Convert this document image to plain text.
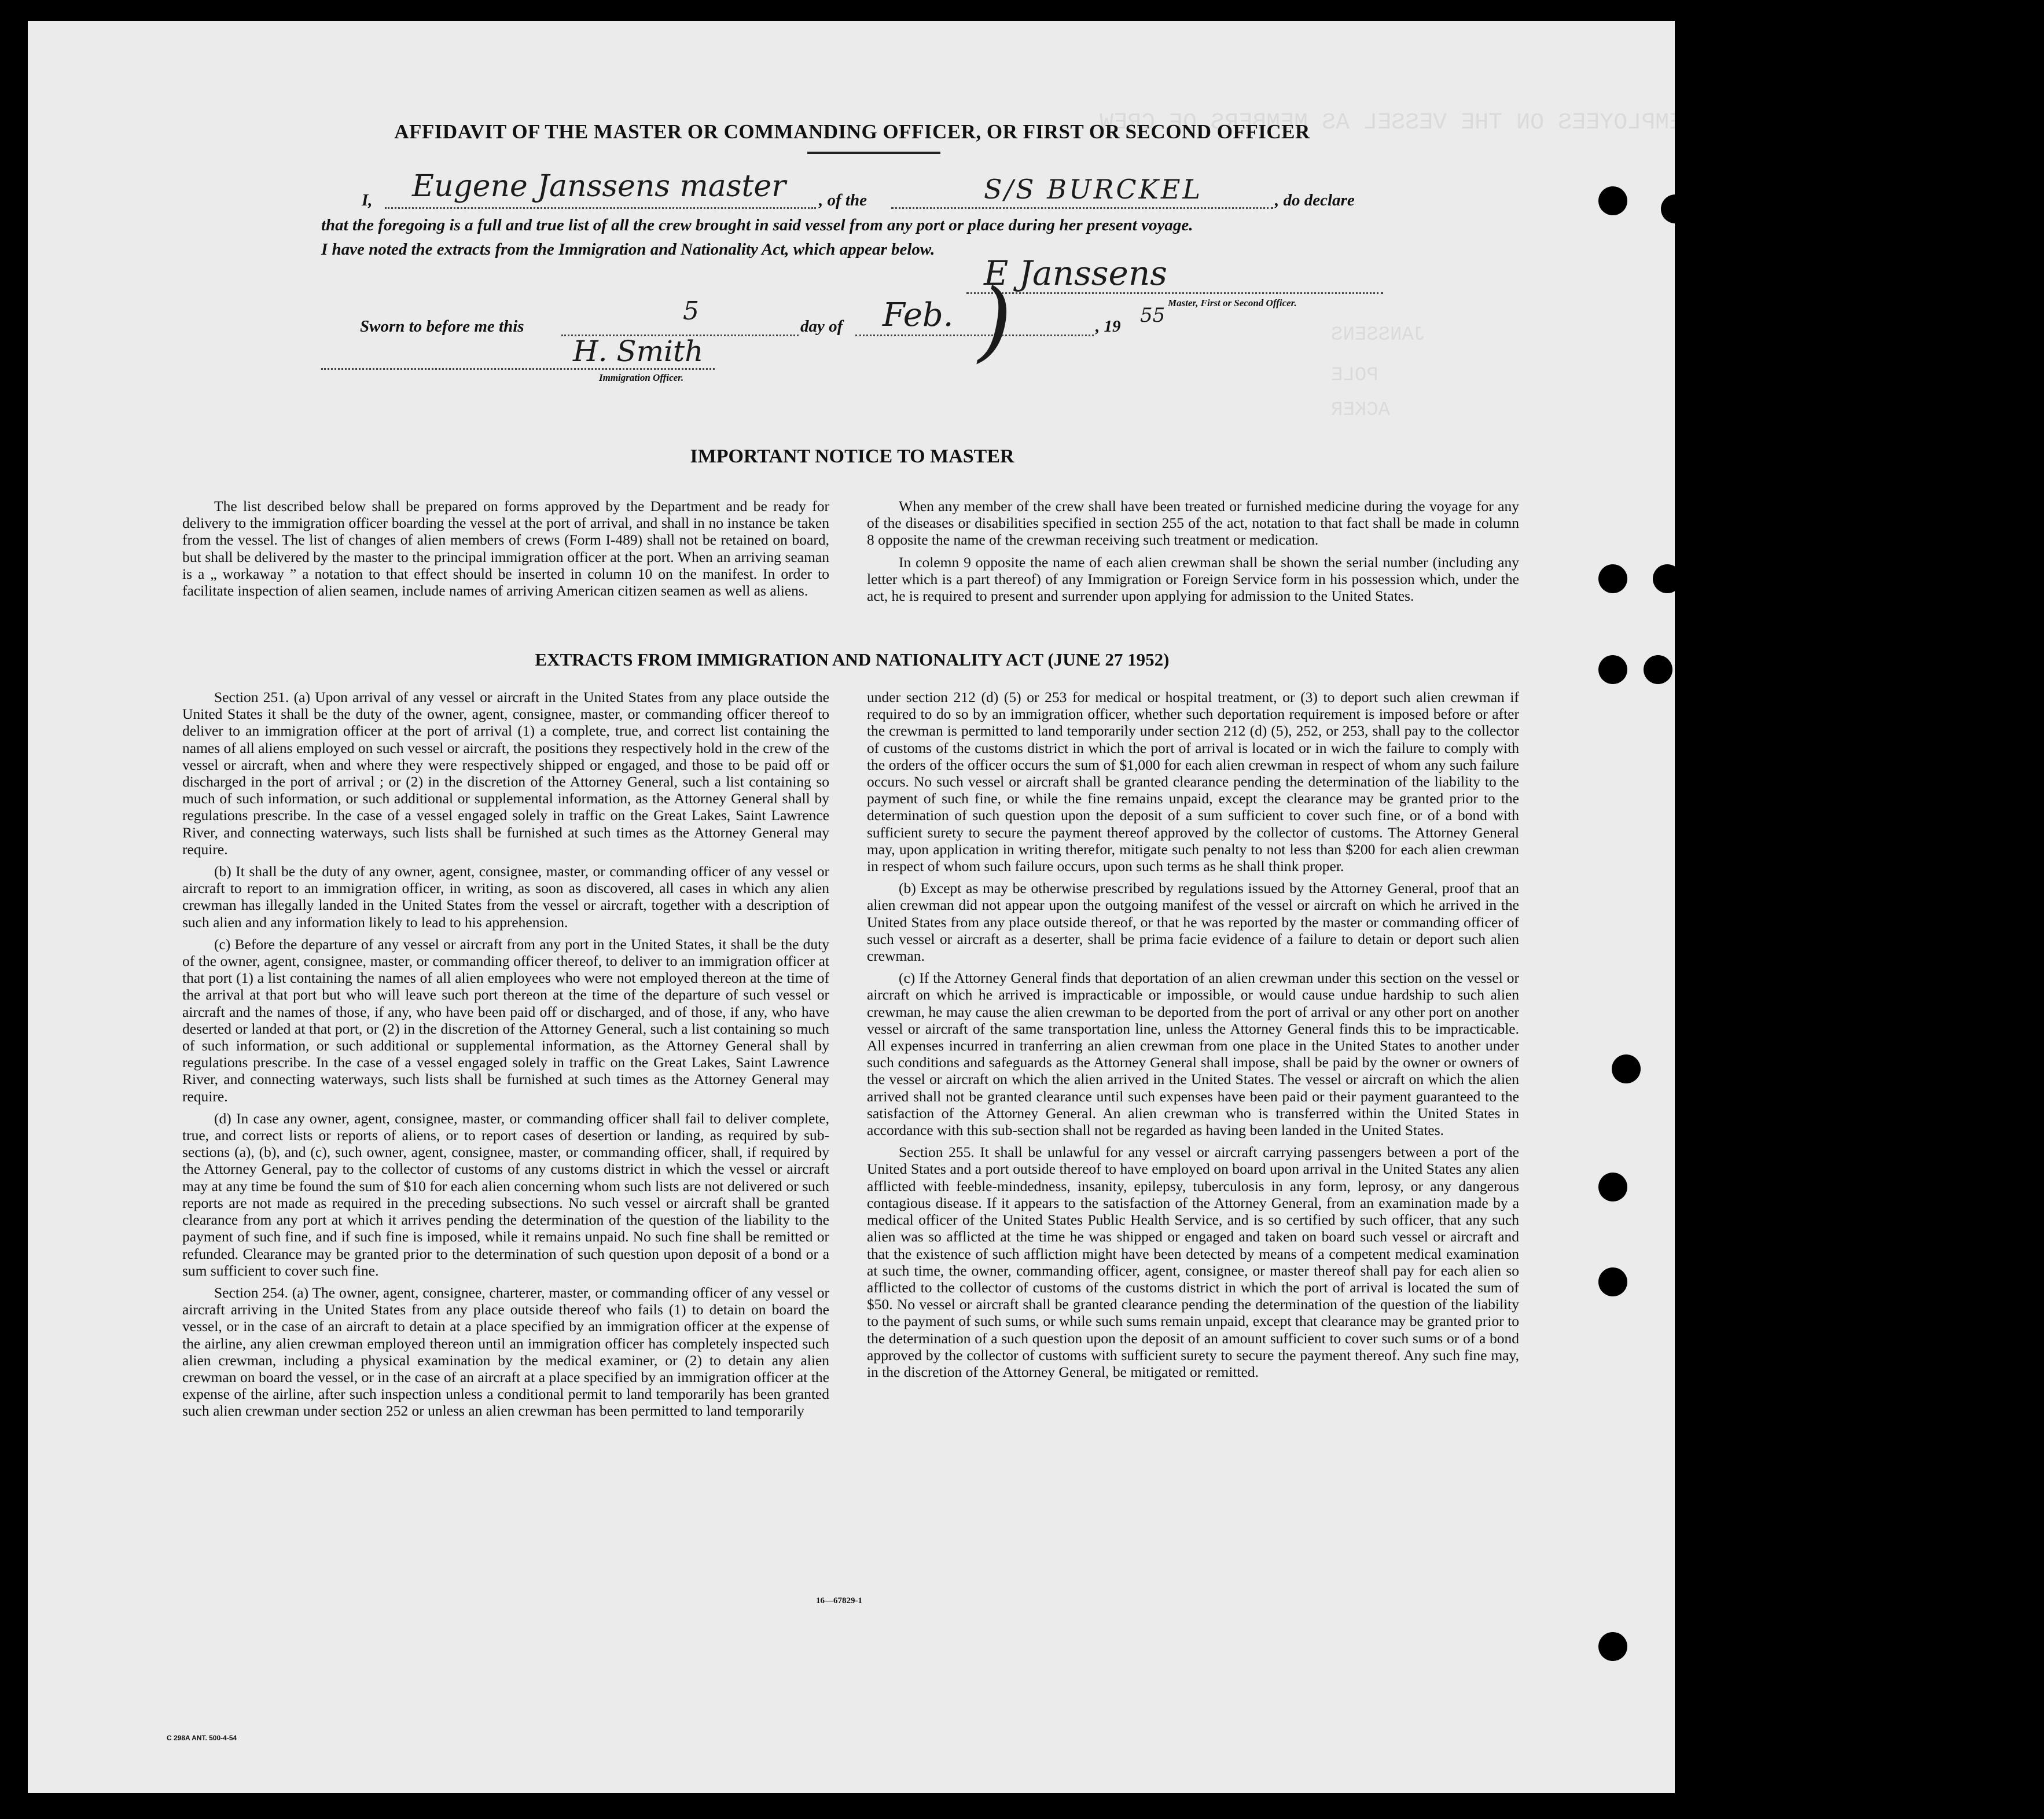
LIST OR MANIFEST OF ALIEN EMPLOYEES ON THE VESSEL AS MEMBERS OF CREW
JANSSENS
POLE
ACKER
AFFIDAVIT OF THE MASTER OR COMMANDING OFFICER, OR FIRST OR SECOND OFFICER
I, Eugene Janssens master , of the	S/S BURCKEL	, do declare
that the foregoing is a full and true list of all the crew brought in said vessel from any port or place during her present voyage.
I have noted the extracts from the Immigration and Nationality Act, which appear below.
E Janssens
Master, First or Second Officer.
Sworn to before me this
5
day of Feb. )	, 19 55
H. Smith
Immigration Officer.
IMPORTANT NOTICE TO MASTER

The list described below shall be prepared on forms approved by the Department and be ready for delivery to the immigration officer boarding the vessel at the port of arrival, and shall in no instance be taken from the vessel. The list of changes of alien members of crews (Form I-489) shall not be retained on board, but shall be delivered by the master to the principal immigration officer at the port. When an arriving seaman is a „ workaway ” a notation to that effect should be inserted in column 10 on the manifest. In order to facilitate inspection of alien seamen, include names of arriving American citizen seamen as well as aliens.

When any member of the crew shall have been treated or furnished medicine during the voyage for any of the diseases or disabilities specified in section 255 of the act, notation to that fact shall be made in column 8 opposite the name of the crewman receiving such treatment or medication.

In colemn 9 opposite the name of each alien crewman shall be shown the serial number (including any letter which is a part thereof) of any Immigration or Foreign Service form in his possession which, under the act, he is required to present and surrender upon applying for admission to the United States.

EXTRACTS FROM IMMIGRATION AND NATIONALITY ACT (JUNE 27 1952)

Section 251. (a) Upon arrival of any vessel or aircraft in the United States from any place outside the United States it shall be the duty of the owner, agent, consignee, master, or commanding officer thereof to deliver to an immigration officer at the port of arrival (1) a complete, true, and correct list containing the names of all aliens employed on such vessel or aircraft, the positions they respectively hold in the crew of the vessel or aircraft, when and where they were respectively shipped or engaged, and those to be paid off or discharged in the port of arrival ; or (2) in the discretion of the Attorney General, such a list containing so much of such information, or such additional or supplemental information, as the Attorney General shall by regulations prescribe. In the case of a vessel engaged solely in traffic on the Great Lakes, Saint Lawrence River, and connecting waterways, such lists shall be furnished at such times as the Attorney General may require.

(b) It shall be the duty of any owner, agent, consignee, master, or commanding officer of any vessel or aircraft to report to an immigration officer, in writing, as soon as discovered, all cases in which any alien crewman has illegally landed in the United States from the vessel or aircraft, together with a description of such alien and any information likely to lead to his apprehension.

(c) Before the departure of any vessel or aircraft from any port in the United States, it shall be the duty of the owner, agent, consignee, master, or commanding officer thereof, to deliver to an immigration officer at that port (1) a list containing the names of all alien employees who were not employed thereon at the time of the arrival at that port but who will leave such port thereon at the time of the departure of such vessel or aircraft and the names of those, if any, who have been paid off or discharged, and of those, if any, who have deserted or landed at that port, or (2) in the discretion of the Attorney General, such a list containing so much of such information, or such additional or supplemental information, as the Attorney General shall by regulations prescribe. In the case of a vessel engaged solely in traffic on the Great Lakes, Saint Lawrence River, and connecting waterways, such lists shall be furnished at such times as the Attorney General may require.

(d) In case any owner, agent, consignee, master, or commanding officer shall fail to deliver complete, true, and correct lists or reports of aliens, or to report cases of desertion or landing, as required by sub-sections (a), (b), and (c), such owner, agent, consignee, master, or commanding officer, shall, if required by the Attorney General, pay to the collector of customs of any customs district in which the vessel or aircraft may at any time be found the sum of $10 for each alien concerning whom such lists are not delivered or such reports are not made as required in the preceding subsections. No such vessel or aircraft shall be granted clearance from any port at which it arrives pending the determination of the question of the liability to the payment of such fine, and if such fine is imposed, while it remains unpaid. No such fine shall be remitted or refunded. Clearance may be granted prior to the determination of such question upon deposit of a bond or a sum sufficient to cover such fine.

Section 254. (a) The owner, agent, consignee, charterer, master, or commanding officer of any vessel or aircraft arriving in the United States from any place outside thereof who fails (1) to detain on board the vessel, or in the case of an aircraft to detain at a place specified by an immigration officer at the expense of the airline, any alien crewman employed thereon until an immigration officer has completely inspected such alien crewman, including a physical examination by the medical examiner, or (2) to detain any alien crewman on board the vessel, or in the case of an aircraft at a place specified by an immigration officer at the expense of the airline, after such inspection unless a conditional permit to land temporarily has been granted such alien crewman under section 252 or unless an alien crewman has been permitted to land temporarily

under section 212 (d) (5) or 253 for medical or hospital treatment, or (3) to deport such alien crewman if required to do so by an immigration officer, whether such deportation requirement is imposed before or after the crewman is permitted to land temporarily under section 212 (d) (5), 252, or 253, shall pay to the collector of customs of the customs district in which the port of arrival is located or in wich the failure to comply with the orders of the officer occurs the sum of $1,000 for each alien crewman in respect of whom any such failure occurs. No such vessel or aircraft shall be granted clearance pending the determination of the liability to the payment of such fine, or while the fine remains unpaid, except the clearance may be granted prior to the determination of such question upon the deposit of a sum sufficient to cover such fine, or of a bond with sufficient surety to secure the payment thereof approved by the collector of customs. The Attorney General may, upon application in writing therefor, mitigate such penalty to not less than $200 for each alien crewman in respect of whom such failure occurs, upon such terms as he shall think proper.

(b) Except as may be otherwise prescribed by regulations issued by the Attorney General, proof that an alien crewman did not appear upon the outgoing manifest of the vessel or aircraft on which he arrived in the United States from any place outside thereof, or that he was reported by the master or commanding officer of such vessel or aircraft as a deserter, shall be prima facie evidence of a failure to detain or deport such alien crewman.

(c) If the Attorney General finds that deportation of an alien crewman under this section on the vessel or aircraft on which he arrived is impracticable or impossible, or would cause undue hardship to such alien crewman, he may cause the alien crewman to be deported from the port of arrival or any other port on another vessel or aircraft of the same transportation line, unless the Attorney General finds this to be impracticable. All expenses incurred in tranferring an alien crewman from one place in the United States to another under such conditions and safeguards as the Attorney General shall impose, shall be paid by the owner or owners of the vessel or aircraft on which the alien arrived in the United States. The vessel or aircraft on which the alien arrived shall not be granted clearance until such expenses have been paid or their payment guaranteed to the satisfaction of the Attorney General. An alien crewman who is transferred within the United States in accordance with this sub-section shall not be regarded as having been landed in the United States.

Section 255. It shall be unlawful for any vessel or aircraft carrying passengers between a port of the United States and a port outside thereof to have employed on board upon arrival in the United States any alien afflicted with feeble-mindedness, insanity, epilepsy, tuberculosis in any form, leprosy, or any dangerous contagious disease. If it appears to the satisfaction of the Attorney General, from an examination made by a medical officer of the United States Public Health Service, and is so certified by such officer, that any such alien was so afflicted at the time he was shipped or engaged and taken on board such vessel or aircraft and that the existence of such affliction might have been detected by means of a competent medical examination at such time, the owner, commanding officer, agent, consignee, or master thereof shall pay for each alien so afflicted to the collector of customs of the customs district in which the port of arrival is located the sum of $50. No vessel or aircraft shall be granted clearance pending the determination of the question of the liability to the payment of such sums, or while such sums remain unpaid, except that clearance may be granted prior to the determination of a such question upon the deposit of an amount sufficient to cover such sums or of a bond approved by the collector of customs with sufficient surety to secure the payment thereof. Any such fine may, in the discretion of the Attorney General, be mitigated or remitted.

16—67829-1
C 298A ANT. 500-4-54
